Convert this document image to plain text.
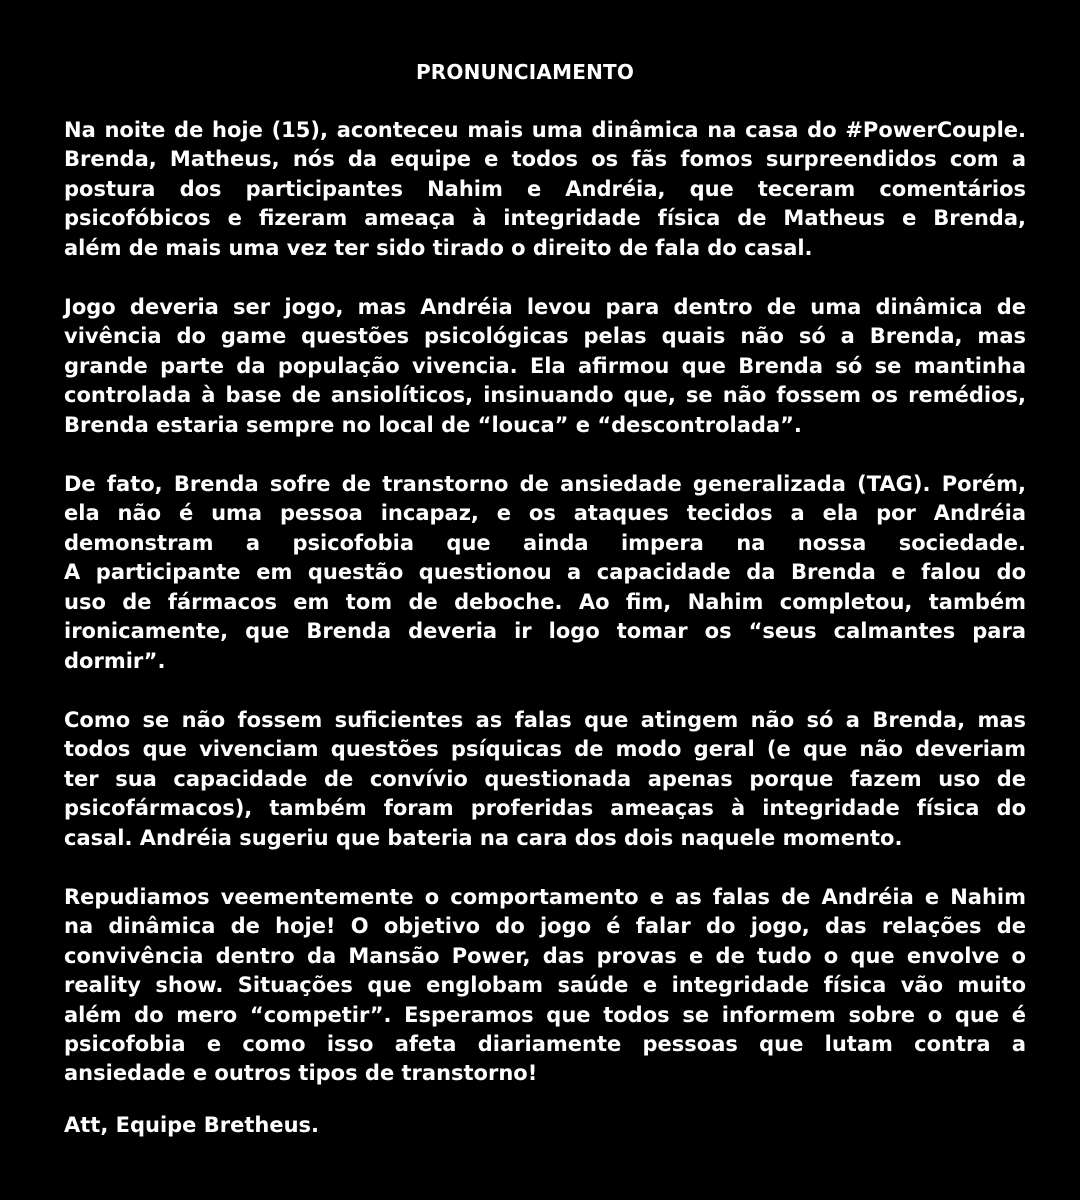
PRONUNCIAMENTO

Na noite de hoje (15), aconteceu mais uma dinâmica na casa do #PowerCouple.
Brenda, Matheus, nós da equipe e todos os fãs fomos surpreendidos com a
postura dos participantes Nahim e Andréia, que teceram comentários
psicofóbicos e fizeram ameaça à integridade física de Matheus e Brenda,
além de mais uma vez ter sido tirado o direito de fala do casal.

Jogo deveria ser jogo, mas Andréia levou para dentro de uma dinâmica de
vivência do game questões psicológicas pelas quais não só a Brenda, mas
grande parte da população vivencia. Ela afirmou que Brenda só se mantinha
controlada à base de ansiolíticos, insinuando que, se não fossem os remédios,
Brenda estaria sempre no local de “louca” e “descontrolada”.

De fato, Brenda sofre de transtorno de ansiedade generalizada (TAG). Porém,
ela não é uma pessoa incapaz, e os ataques tecidos a ela por Andréia
demonstram a psicofobia que ainda impera na nossa sociedade.
A participante em questão questionou a capacidade da Brenda e falou do
uso de fármacos em tom de deboche. Ao fim, Nahim completou, também
ironicamente, que Brenda deveria ir logo tomar os “seus calmantes para
dormir”.

Como se não fossem suficientes as falas que atingem não só a Brenda, mas
todos que vivenciam questões psíquicas de modo geral (e que não deveriam
ter sua capacidade de convívio questionada apenas porque fazem uso de
psicofármacos), também foram proferidas ameaças à integridade física do
casal. Andréia sugeriu que bateria na cara dos dois naquele momento.

Repudiamos veementemente o comportamento e as falas de Andréia e Nahim
na dinâmica de hoje! O objetivo do jogo é falar do jogo, das relações de
convivência dentro da Mansão Power, das provas e de tudo o que envolve o
reality show. Situações que englobam saúde e integridade física vão muito
além do mero “competir”. Esperamos que todos se informem sobre o que é
psicofobia e como isso afeta diariamente pessoas que lutam contra a
ansiedade e outros tipos de transtorno!

Att, Equipe Bretheus.
